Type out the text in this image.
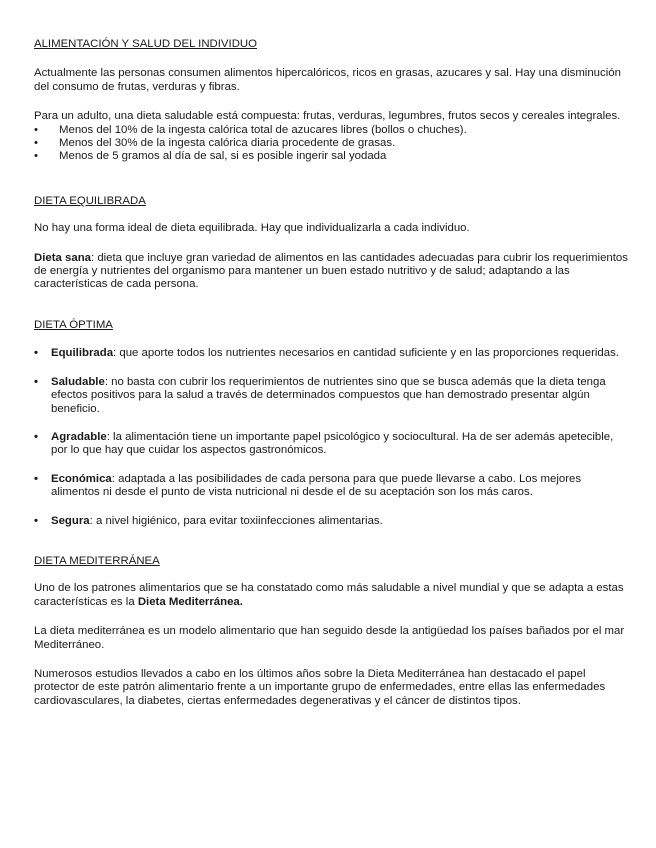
ALIMENTACIÓN Y SALUD DEL INDIVIDUO

Actualmente las personas consumen alimentos hipercalóricos, ricos en grasas, azucares y sal. Hay una disminución del consumo de frutas, verduras y fibras.

Para un adulto, una dieta saludable está compuesta: frutas, verduras, legumbres, frutos secos y cereales integrales.

• Menos del 10% de la ingesta calórica total de azucares libres (bollos o chuches).
• Menos del 30% de la ingesta calórica diaria procedente de grasas.
• Menos de 5 gramos al día de sal, si es posible ingerir sal yodada
DIETA EQUILIBRADA

No hay una forma ideal de dieta equilibrada. Hay que individualizarla a cada individuo.

Dieta sana: dieta que incluye gran variedad de alimentos en las cantidades adecuadas para cubrir los requerimientos de energía y nutrientes del organismo para mantener un buen estado nutritivo y de salud; adaptando a las características de cada persona.

DIETA ÓPTIMA
• Equilibrada: que aporte todos los nutrientes necesarios en cantidad suficiente y en las proporciones requeridas.
• Saludable: no basta con cubrir los requerimientos de nutrientes sino que se busca además que la dieta tenga efectos positivos para la salud a través de determinados compuestos que han demostrado presentar algún beneficio.
• Agradable: la alimentación tiene un importante papel psicológico y sociocultural. Ha de ser además apetecible, por lo que hay que cuidar los aspectos gastronómicos.
• Económica: adaptada a las posibilidades de cada persona para que puede llevarse a cabo. Los mejores alimentos ni desde el punto de vista nutricional ni desde el de su aceptación son los más caros.
• Segura: a nivel higiénico, para evitar toxiinfecciones alimentarias.
DIETA MEDITERRÁNEA

Uno de los patrones alimentarios que se ha constatado como más saludable a nivel mundial y que se adapta a estas características es la Dieta Mediterránea.

La dieta mediterránea es un modelo alimentario que han seguido desde la antigüedad los países bañados por el mar Mediterráneo.

Numerosos estudios llevados a cabo en los últimos años sobre la Dieta Mediterránea han destacado el papel protector de este patrón alimentario frente a un importante grupo de enfermedades, entre ellas las enfermedades cardiovasculares, la diabetes, ciertas enfermedades degenerativas y el cáncer de distintos tipos.
